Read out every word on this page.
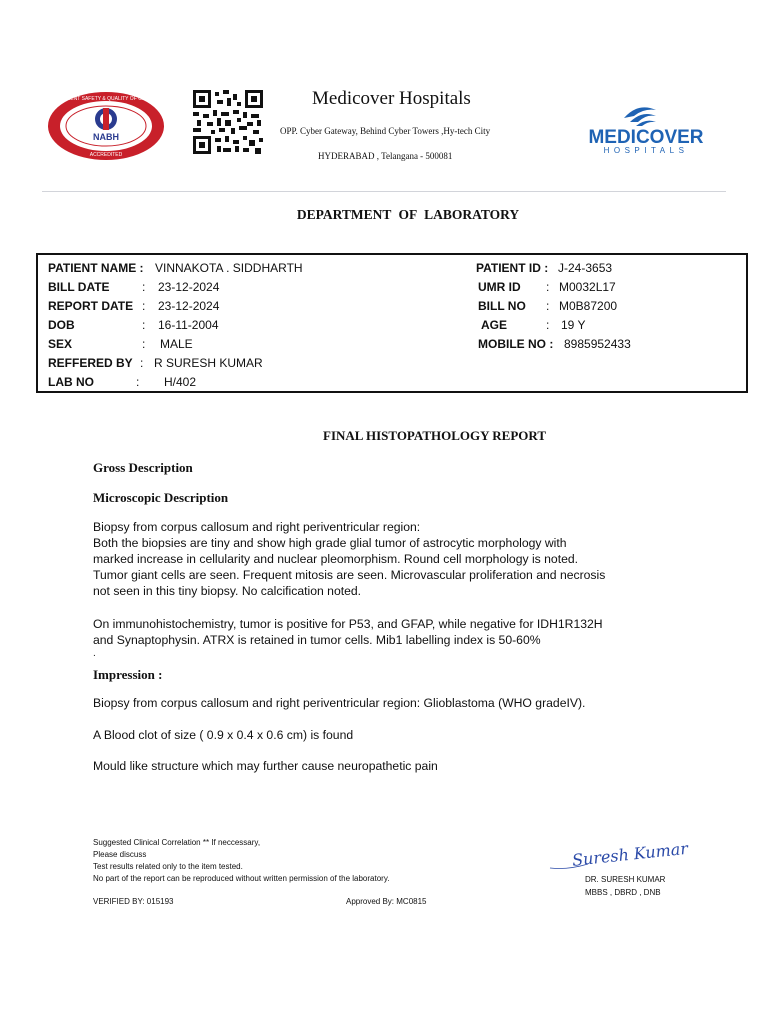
NABH
PATIENT SAFETY & QUALITY OF CARE
ACCREDITED
Medicover Hospitals
OPP. Cyber Gateway, Behind Cyber Towers ,Hy-tech City
HYDERABAD , Telangana - 500081
MEDICOVER
HOSPITALS
DEPARTMENT OF LABORATORY
PATIENT NAME : VINNAKOTA . SIDDHARTH
BILL DATE	: 23-12-2024
REPORT DATE : 23-12-2024
DOB	: 16-11-2004
SEX	: MALE
REFFERED BY : R SURESH KUMAR
LAB NO	: H/402
PATIENT ID : J-24-3653
UMR ID : M0032L17
BILL NO : M0B87200
AGE	: 19 Y
MOBILE NO : 8985952433
FINAL HISTOPATHOLOGY REPORT
Gross Description
Microscopic Description
Biopsy from corpus callosum and right periventricular region:
Both the biopsies are tiny and show high grade glial tumor of astrocytic morphology with
marked increase in cellularity and nuclear pleomorphism. Round cell morphology is noted.
Tumor giant cells are seen. Frequent mitosis are seen. Microvascular proliferation and necrosis
not seen in this tiny biopsy. No calcification noted.
On immunohistochemistry, tumor is positive for P53, and GFAP, while negative for IDH1R132H
and Synaptophysin. ATRX is retained in tumor cells. Mib1 labelling index is 50-60%
.
Impression :
Biopsy from corpus callosum and right periventricular region: Glioblastoma (WHO gradeIV).
A Blood clot of size ( 0.9 x 0.4 x 0.6 cm) is found
Mould like structure which may further cause neuropathetic pain
Suggested Clinical Correlation ** If neccessary,
Please discuss
Test results related only to the item tested.
No part of the report can be reproduced without written permission of the laboratory.
VERIFIED BY: 015193	Approved By: MC0815
Suresh Kumar
DR. SURESH KUMAR
MBBS , DBRD , DNB
